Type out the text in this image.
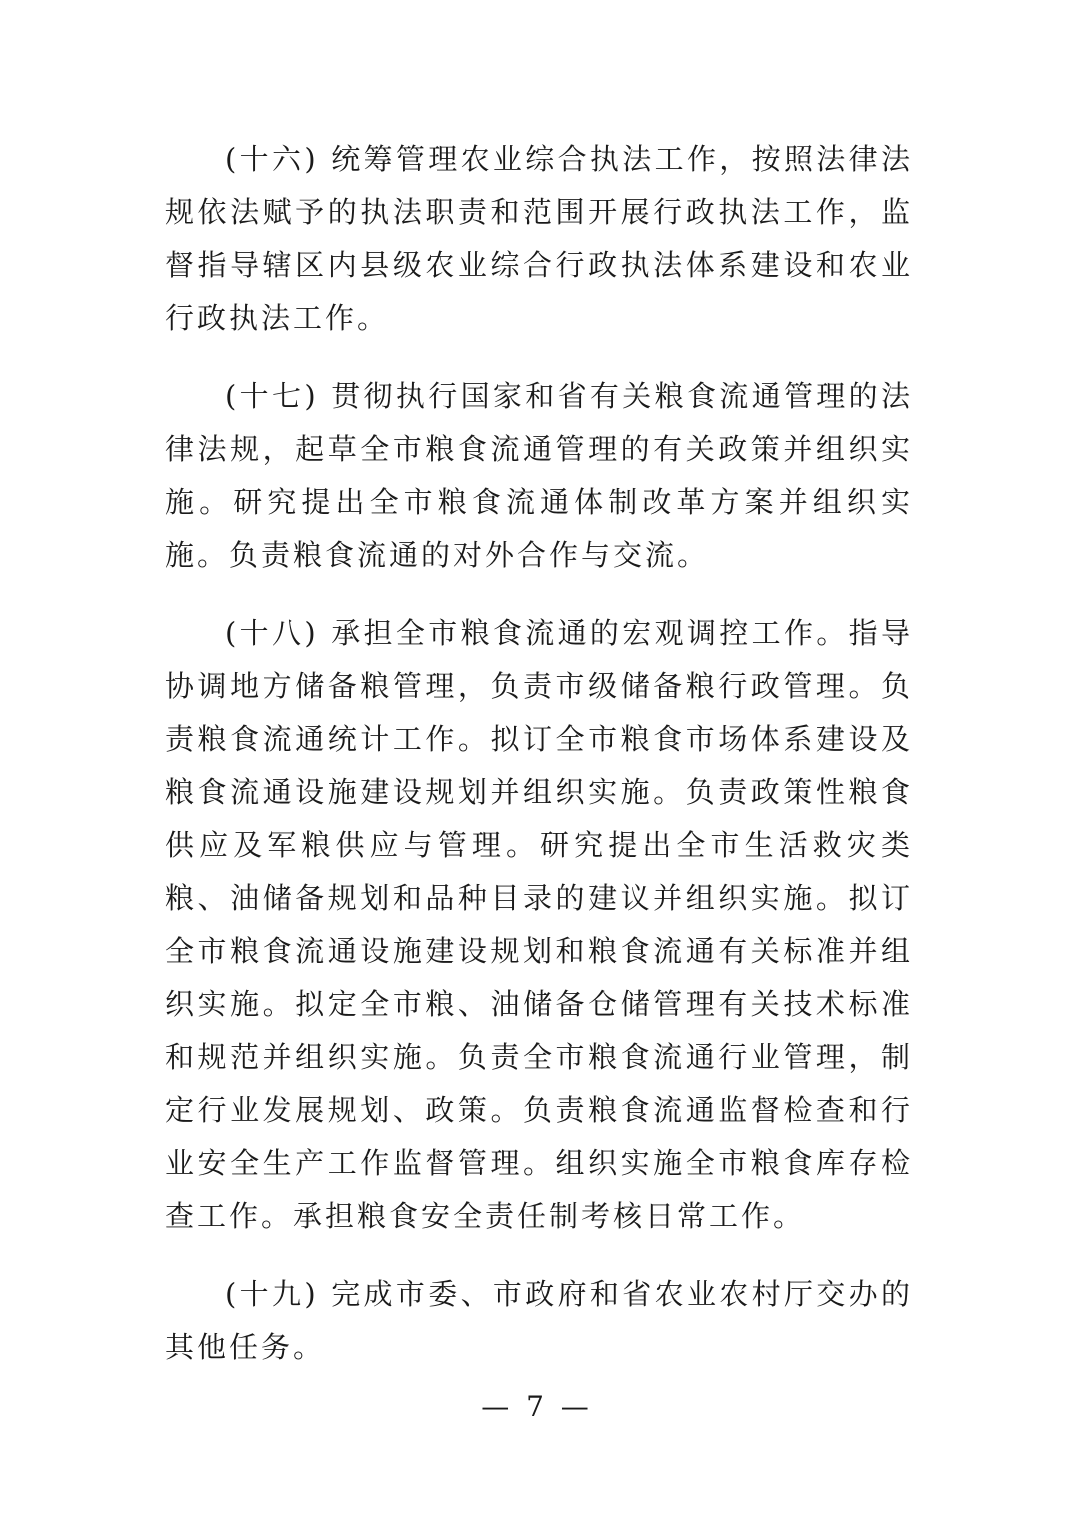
(十六) 统筹管理农业综合执法工作，按照法律法规依法赋予的执法职责和范围开展行政执法工作，监督指导辖区内县级农业综合行政执法体系建设和农业行政执法工作。

(十七) 贯彻执行国家和省有关粮食流通管理的法律法规，起草全市粮食流通管理的有关政策并组织实施。研究提出全市粮食流通体制改革方案并组织实施。负责粮食流通的对外合作与交流。

(十八) 承担全市粮食流通的宏观调控工作。指导协调地方储备粮管理，负责市级储备粮行政管理。负责粮食流通统计工作。拟订全市粮食市场体系建设及粮食流通设施建设规划并组织实施。负责政策性粮食供应及军粮供应与管理。研究提出全市生活救灾类粮、油储备规划和品种目录的建议并组织实施。拟订全市粮食流通设施建设规划和粮食流通有关标准并组织实施。拟定全市粮、油储备仓储管理有关技术标准和规范并组织实施。负责全市粮食流通行业管理，制定行业发展规划、政策。负责粮食流通监督检查和行业安全生产工作监督管理。组织实施全市粮食库存检查工作。承担粮食安全责任制考核日常工作。

(十九) 完成市委、市政府和省农业农村厅交办的其他任务。

— 7 —
